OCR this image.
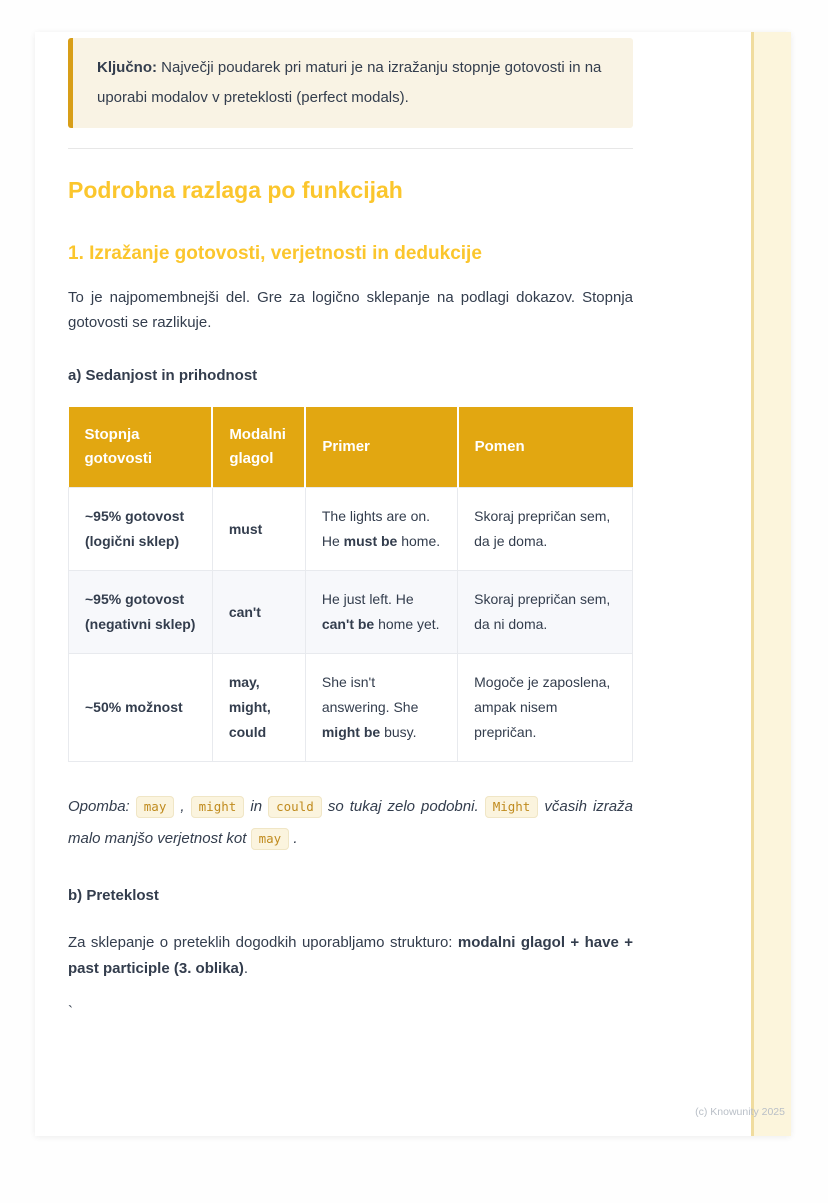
Ključno: Največji poudarek pri maturi je na izražanju stopnje gotovosti in na uporabi modalov v preteklosti (perfect modals).
Podrobna razlaga po funkcijah
1. Izražanje gotovosti, verjetnosti in dedukcije

To je najpomembnejši del. Gre za logično sklepanje na podlagi dokazov. Stopnja gotovosti se razlikuje.

a) Sedanjost in prihodnost

Stopnja gotovosti	Modalni glagol	Primer	Pomen
~95% gotovost (logični sklep)	must	The lights are on. He must be home.	Skoraj prepričan sem, da je doma.
~95% gotovost (negativni sklep)	can't	He just left. He can't be home yet.	Skoraj prepričan sem, da ni doma.
~50% možnost	may, might, could	She isn't answering. She might be busy.	Mogoče je zaposlena, ampak nisem prepričan.

Opomba: may , might in could so tukaj zelo podobni. Might včasih izraža malo manjšo verjetnost kot may .

b) Preteklost

Za sklepanje o preteklih dogodkih uporabljamo strukturo: modalni glagol + have + past participle (3. oblika).

`

(c) Knowunity 2025
